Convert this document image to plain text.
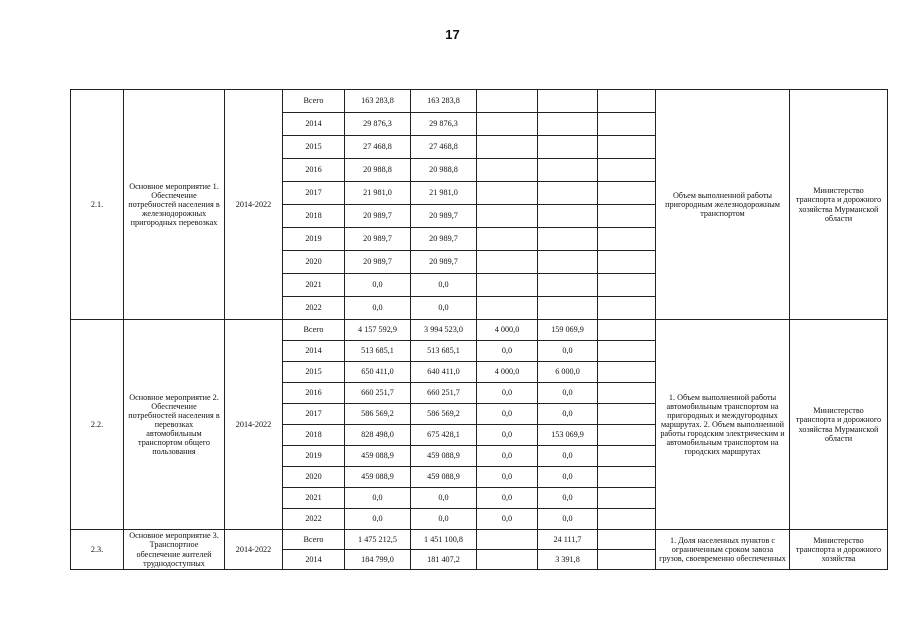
17
2.1.	Основное мероприятие 1. Обеспечение потребностей населения в железнодорожных пригородных перевозках	2014-2022	Всего	163 283,8	163 283,8				Объем выполненной работы пригородным железнодорожным транспортом	Министерство транспорта и дорожного хозяйства Мурманской области
			2014	29 876,3	29 876,3					
			2015	27 468,8	27 468,8					
			2016	20 988,8	20 988,8					
			2017	21 981,0	21 981,0					
			2018	20 989,7	20 989,7					
			2019	20 989,7	20 989,7					
			2020	20 989,7	20 989,7					
			2021	0,0	0,0					
			2022	0,0	0,0					
2.2.	Основное мероприятие 2. Обеспечение потребностей населения в перевозках автомобильным транспортом общего пользования	2014-2022	Всего	4 157 592,9	3 994 523,0	4 000,0	159 069,9		1. Объем выполненной работы автомобильным транспортом на пригородных и междугородных маршрутах. 2. Объем выполненной работы городским электрическим и автомобильным транспортом на городских маршрутах	Министерство транспорта и дорожного хозяйства Мурманской области
			2014	513 685,1	513 685,1	0,0	0,0			
			2015	650 411,0	640 411,0	4 000,0	6 000,0			
			2016	660 251,7	660 251,7	0,0	0,0			
			2017	586 569,2	586 569,2	0,0	0,0			
			2018	828 498,0	675 428,1	0,0	153 069,9			
			2019	459 088,9	459 088,9	0,0	0,0			
			2020	459 088,9	459 088,9	0,0	0,0			
			2021	0,0	0,0	0,0	0,0			
			2022	0,0	0,0	0,0	0,0			
2.3.	Основное мероприятие 3. Транспортное обеспечение жителей труднодоступных	2014-2022	Всего	1 475 212,5	1 451 100,8		24 111,7		1. Доля населенных пунктов с ограниченным сроком завоза грузов, своевременно обеспеченных	Министерство транспорта и дорожного хозяйства
			2014	184 799,0	181 407,2		3 391,8			
